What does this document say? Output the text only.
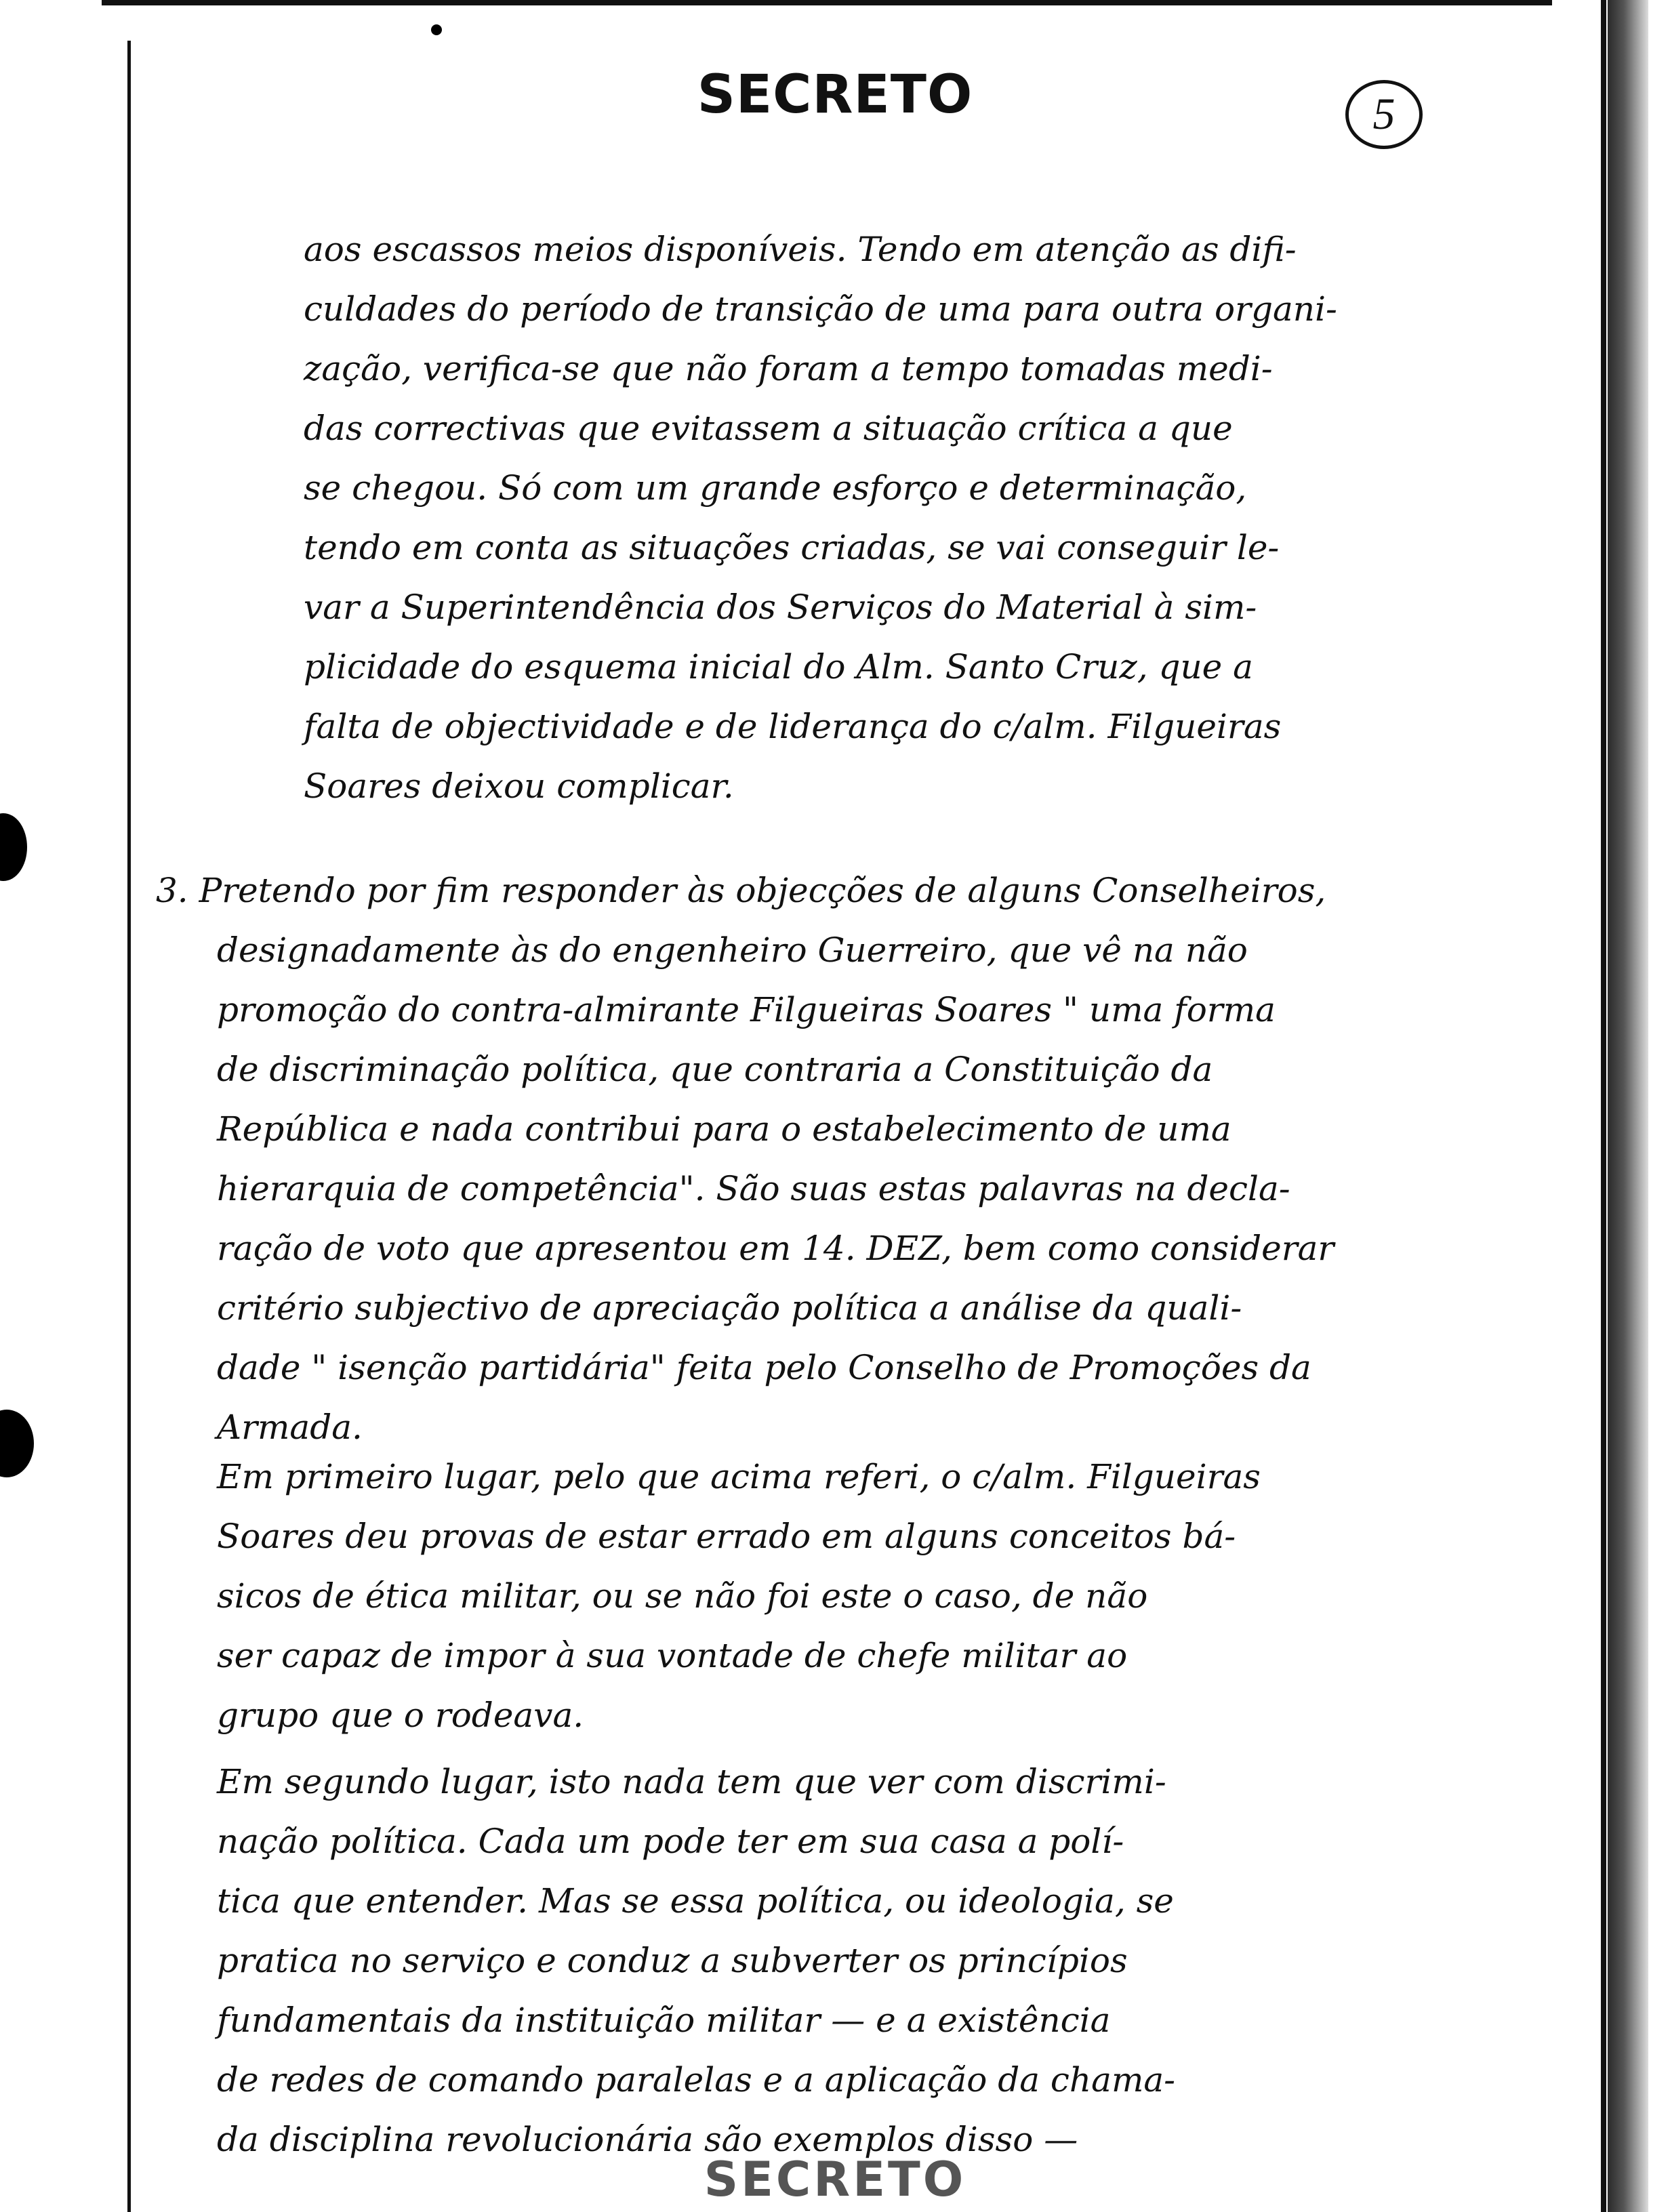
SECRETO	5
aos escassos meios disponíveis. Tendo em atenção as difi-
culdades do período de transição de uma para outra organi-
zação, verifica-se que não foram a tempo tomadas medi-
das correctivas que evitassem a situação crítica a que
se chegou. Só com um grande esforço e determinação,
tendo em conta as situações criadas, se vai conseguir le-
var a Superintendência dos Serviços do Material à sim-
plicidade do esquema inicial do Alm. Santo Cruz, que a
falta de objectividade e de liderança do c/alm. Filgueiras
Soares deixou complicar.
3. Pretendo por fim responder às objecções de alguns Conselheiros,
designadamente às do engenheiro Guerreiro, que vê na não
promoção do contra-almirante Filgueiras Soares " uma forma
de discriminação política, que contraria a Constituição da
República e nada contribui para o estabelecimento de uma
hierarquia de competência". São suas estas palavras na decla-
ração de voto que apresentou em 14. DEZ, bem como considerar
critério subjectivo de apreciação política a análise da quali-
dade " isenção partidária" feita pelo Conselho de Promoções da
Armada.
Em primeiro lugar, pelo que acima referi, o c/alm. Filgueiras
Soares deu provas de estar errado em alguns conceitos bá-
sicos de ética militar, ou se não foi este o caso, de não
ser capaz de impor à sua vontade de chefe militar ao
grupo que o rodeava.
Em segundo lugar, isto nada tem que ver com discrimi-
nação política. Cada um pode ter em sua casa a polí-
tica que entender. Mas se essa política, ou ideologia, se
pratica no serviço e conduz a subverter os princípios
fundamentais da instituição militar — e a existência
de redes de comando paralelas e a aplicação da chama-
da disciplina revolucionária são exemplos disso —
SECRETO
